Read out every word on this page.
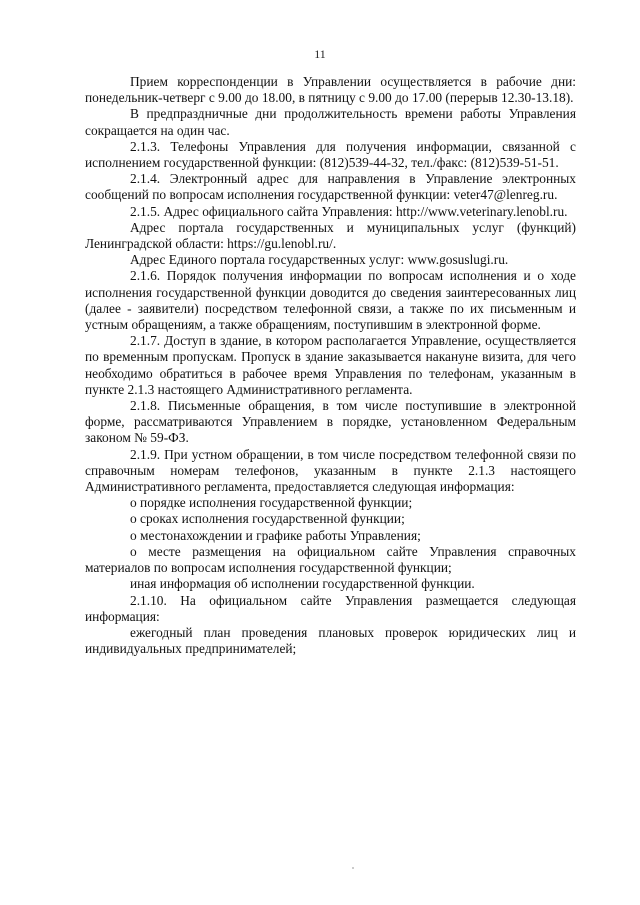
11

Прием корреспонденции в Управлении осуществляется в рабочие дни: понедельник-четверг с 9.00 до 18.00, в пятницу с 9.00 до 17.00 (перерыв 12.30-13.18).

В предпраздничные дни продолжительность времени работы Управления сокращается на один час.

2.1.3. Телефоны Управления для получения информации, связанной с исполнением государственной функции: (812)539-44-32, тел./факс: (812)539-51-51.

2.1.4. Электронный адрес для направления в Управление электронных сообщений по вопросам исполнения государственной функции: veter47@lenreg.ru.

2.1.5. Адрес официального сайта Управления: http://www.veterinary.lenobl.ru.

Адрес портала государственных и муниципальных услуг (функций) Ленинградской области: https://gu.lenobl.ru/.

Адрес Единого портала государственных услуг: www.gosuslugi.ru.

2.1.6. Порядок получения информации по вопросам исполнения и о ходе исполнения государственной функции доводится до сведения заинтересованных лиц (далее - заявители) посредством телефонной связи, а также по их письменным и устным обращениям, а также обращениям, поступившим в электронной форме.

2.1.7. Доступ в здание, в котором располагается Управление, осуществляется по временным пропускам. Пропуск в здание заказывается накануне визита, для чего необходимо обратиться в рабочее время Управления по телефонам, указанным в пункте 2.1.3 настоящего Административного регламента.

2.1.8. Письменные обращения, в том числе поступившие в электронной форме, рассматриваются Управлением в порядке, установленном Федеральным законом № 59-ФЗ.

2.1.9. При устном обращении, в том числе посредством телефонной связи по справочным номерам телефонов, указанным в пункте 2.1.3 настоящего Административного регламента, предоставляется следующая информация:

о порядке исполнения государственной функции;

о сроках исполнения государственной функции;

о местонахождении и графике работы Управления;

о месте размещения на официальном сайте Управления справочных материалов по вопросам исполнения государственной функции;

иная информация об исполнении государственной функции.

2.1.10. На официальном сайте Управления размещается следующая информация:

ежегодный план проведения плановых проверок юридических лиц и индивидуальных предпринимателей;
